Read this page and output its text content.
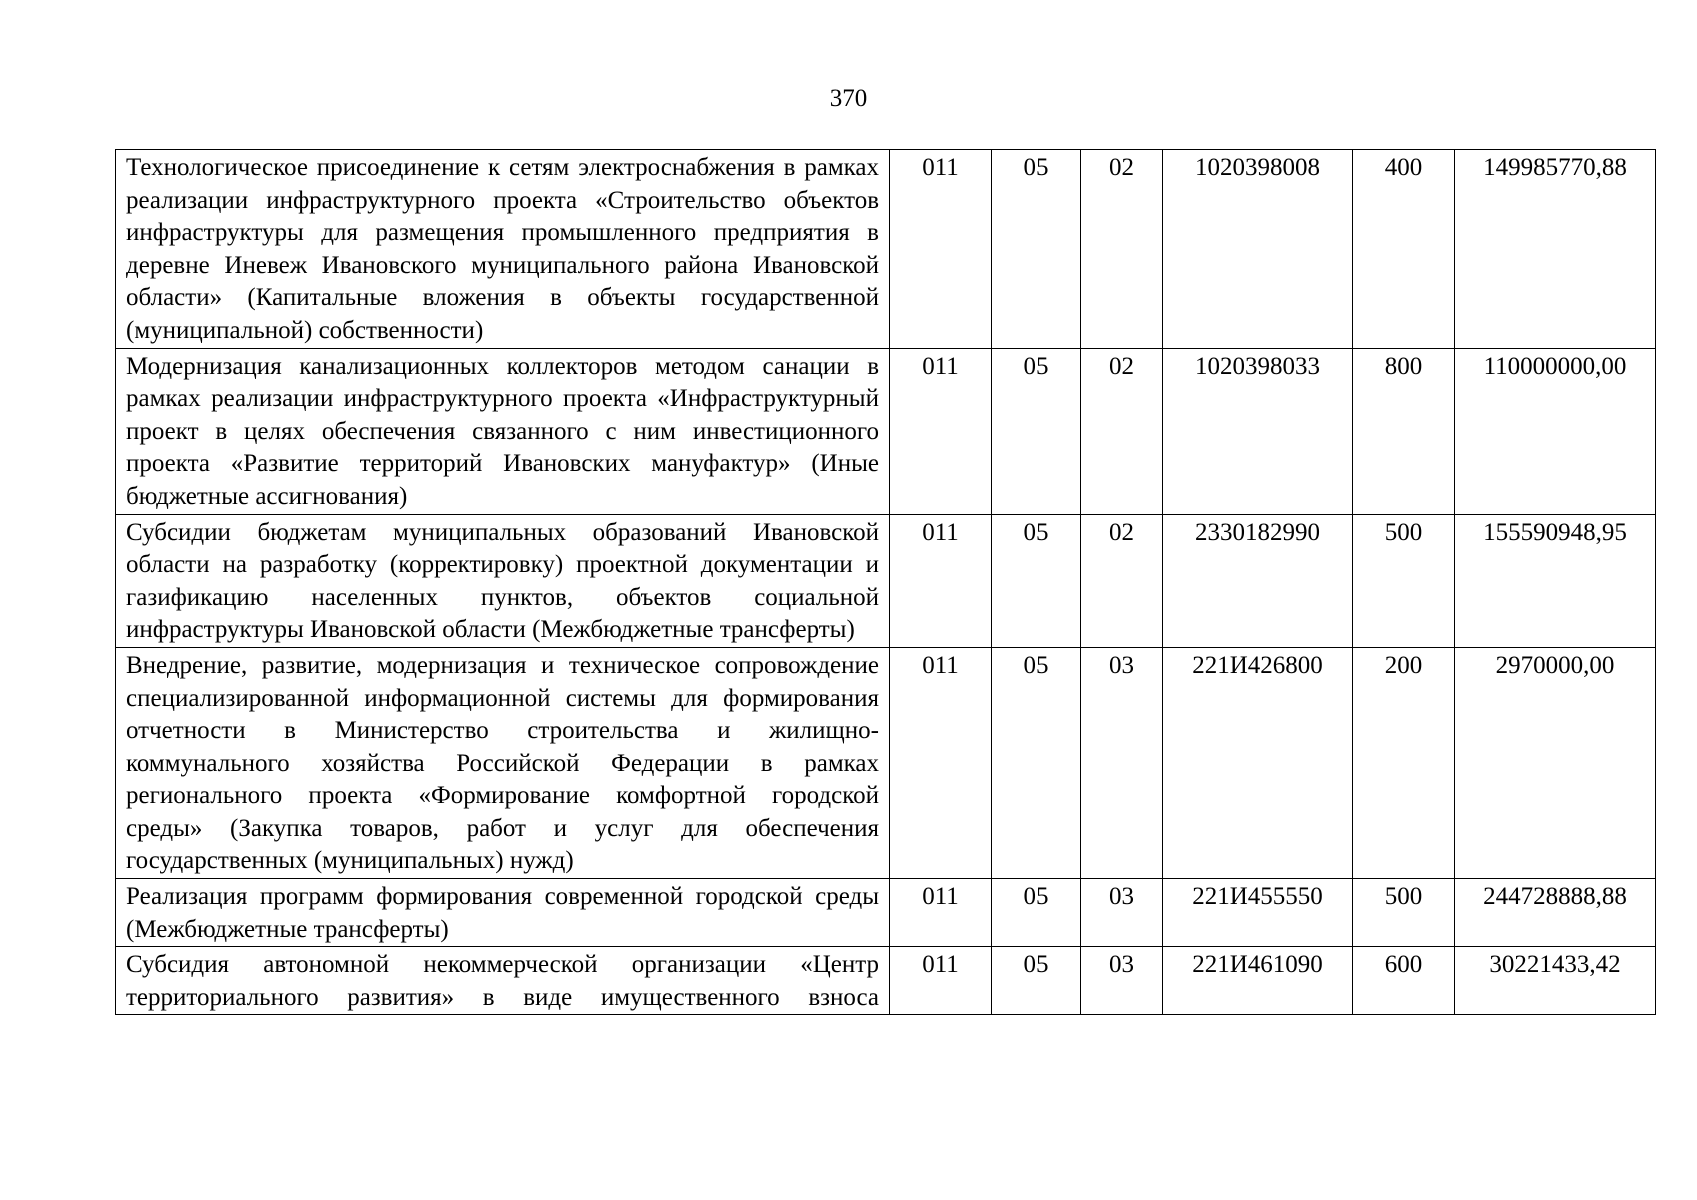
370
Технологическое присоединение к сетям электроснабжения в рамках реализации инфраструктурного проекта «Строительство объектов инфраструктуры для размещения промышленного предприятия в деревне Иневеж Ивановского муниципального района Ивановской области» (Капитальные вложения в объекты государственной (муниципальной) собственности)	011	05	02	1020398008	400	149985770,88
Модернизация канализационных коллекторов методом санации в рамках реализации инфраструктурного проекта «Инфраструктурный проект в целях обеспечения связанного с ним инвестиционного проекта «Развитие территорий Ивановских мануфактур» (Иные бюджетные ассигнования)	011	05	02	1020398033	800	110000000,00
Субсидии бюджетам муниципальных образований Ивановской области на разработку (корректировку) проектной документации и газификацию населенных пунктов, объектов социальной инфраструктуры Ивановской области (Межбюджетные трансферты)	011	05	02	2330182990	500	155590948,95
Внедрение, развитие, модернизация и техническое сопровождение специализированной информационной системы для формирования отчетности в Министерство строительства и жилищно-коммунального хозяйства Российской Федерации в рамках регионального проекта «Формирование комфортной городской среды» (Закупка товаров, работ и услуг для обеспечения государственных (муниципальных) нужд)	011	05	03	221И426800	200	2970000,00
Реализация программ формирования современной городской среды (Межбюджетные трансферты)	011	05	03	221И455550	500	244728888,88
Субсидия автономной некоммерческой организации «Центр территориального развития» в виде имущественного взноса	011	05	03	221И461090	600	30221433,42
